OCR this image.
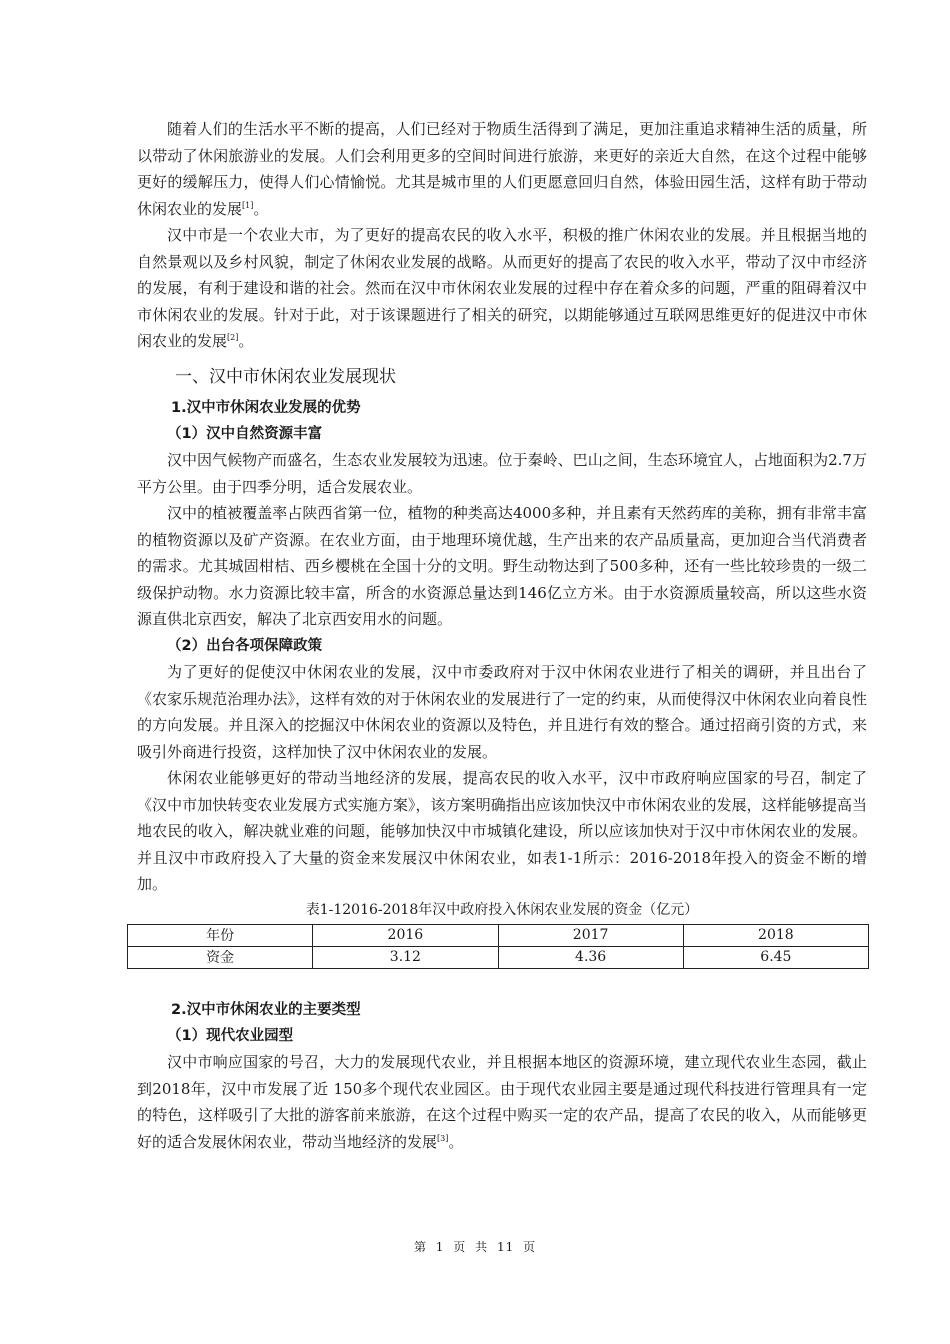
随着人们的生活水平不断的提高，人们已经对于物质生活得到了满足，更加注重追求精神生活的质量，所以带动了休闲旅游业的发展。人们会利用更多的空间时间进行旅游，来更好的亲近大自然，在这个过程中能够更好的缓解压力，使得人们心情愉悦。尤其是城市里的人们更愿意回归自然，体验田园生活，这样有助于带动休闲农业的发展[1]。

汉中市是一个农业大市，为了更好的提高农民的收入水平，积极的推广休闲农业的发展。并且根据当地的自然景观以及乡村风貌，制定了休闲农业发展的战略。从而更好的提高了农民的收入水平，带动了汉中市经济的发展，有利于建设和谐的社会。然而在汉中市休闲农业发展的过程中存在着众多的问题，严重的阻碍着汉中市休闲农业的发展。针对于此，对于该课题进行了相关的研究，以期能够通过互联网思维更好的促进汉中市休闲农业的发展[2]。

一、汉中市休闲农业发展现状
1.汉中市休闲农业发展的优势
（1）汉中自然资源丰富

汉中因气候物产而盛名，生态农业发展较为迅速。位于秦岭、巴山之间，生态环境宜人，占地面积为2.7万平方公里。由于四季分明，适合发展农业。

汉中的植被覆盖率占陕西省第一位，植物的种类高达4000多种，并且素有天然药库的美称，拥有非常丰富的植物资源以及矿产资源。在农业方面，由于地理环境优越，生产出来的农产品质量高，更加迎合当代消费者的需求。尤其城固柑桔、西乡樱桃在全国十分的文明。野生动物达到了500多种，还有一些比较珍贵的一级二级保护动物。水力资源比较丰富，所含的水资源总量达到146亿立方米。由于水资源质量较高，所以这些水资源直供北京西安，解决了北京西安用水的问题。

（2）出台各项保障政策

为了更好的促使汉中休闲农业的发展，汉中市委政府对于汉中休闲农业进行了相关的调研，并且出台了《农家乐规范治理办法》，这样有效的对于休闲农业的发展进行了一定的约束，从而使得汉中休闲农业向着良性的方向发展。并且深入的挖掘汉中休闲农业的资源以及特色，并且进行有效的整合。通过招商引资的方式，来吸引外商进行投资，这样加快了汉中休闲农业的发展。

休闲农业能够更好的带动当地经济的发展，提高农民的收入水平，汉中市政府响应国家的号召，制定了《汉中市加快转变农业发展方式实施方案》，该方案明确指出应该加快汉中市休闲农业的发展，这样能够提高当地农民的收入，解决就业难的问题，能够加快汉中市城镇化建设，所以应该加快对于汉中市休闲农业的发展。并且汉中市政府投入了大量的资金来发展汉中休闲农业，如表1-1所示：2016-2018年投入的资金不断的增加。

表1-12016-2018年汉中政府投入休闲农业发展的资金（亿元）
年份	2016	2017	2018
资金	3.12	4.36	6.45
2.汉中市休闲农业的主要类型
（1）现代农业园型

汉中市响应国家的号召，大力的发展现代农业，并且根据本地区的资源环境，建立现代农业生态园，截止到2018年，汉中市发展了近 150多个现代农业园区。由于现代农业园主要是通过现代科技进行管理具有一定的特色，这样吸引了大批的游客前来旅游，在这个过程中购买一定的农产品，提高了农民的收入，从而能够更好的适合发展休闲农业，带动当地经济的发展[3]。

第 1 页 共 11 页
